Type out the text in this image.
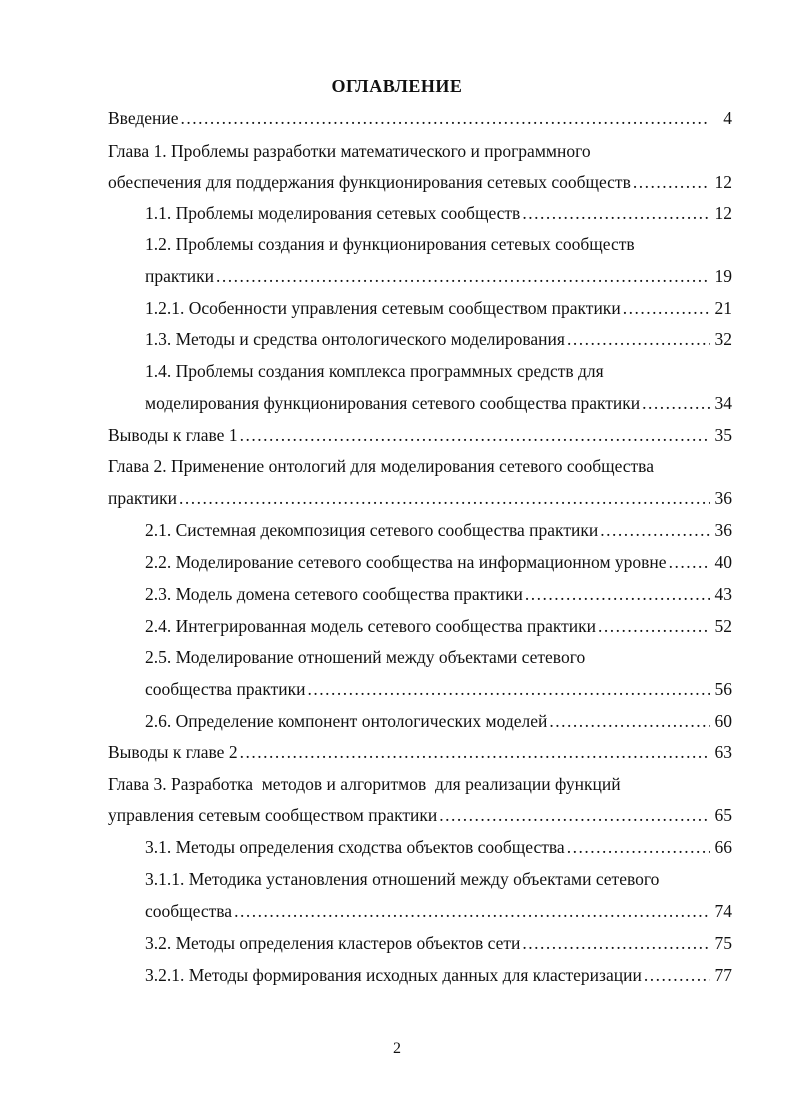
ОГЛАВЛЕНИЕ
Введение .....	4
Глава 1. Проблемы разработки математического и программного
обеспечения для поддержания функционирования сетевых сообществ .....	12
1.1. Проблемы моделирования сетевых сообществ .....	12
1.2. Проблемы создания и функционирования сетевых сообществ
практики .....	19
1.2.1. Особенности управления сетевым сообществом практики .....	21
1.3. Методы и средства онтологического моделирования .....	32
1.4. Проблемы создания комплекса программных средств для
моделирования функционирования сетевого сообщества практики .....	34
Выводы к главе 1 .....	35
Глава 2. Применение онтологий для моделирования сетевого сообщества
практики .....	36
2.1. Системная декомпозиция сетевого сообщества практики .....	36
2.2. Моделирование сетевого сообщества на информационном уровне .....	40
2.3. Модель домена сетевого сообщества практики .....	43
2.4. Интегрированная модель сетевого сообщества практики .....	52
2.5. Моделирование отношений между объектами сетевого
сообщества практики .....	56
2.6. Определение компонент онтологических моделей .....	60
Выводы к главе 2 .....	63
Глава 3. Разработка  методов и алгоритмов  для реализации функций
управления сетевым сообществом практики .....	65
3.1. Методы определения сходства объектов сообщества .....	66
3.1.1. Методика установления отношений между объектами сетевого
сообщества .....	74
3.2. Методы определения кластеров объектов сети .....	75
3.2.1. Методы формирования исходных данных для кластеризации .....	77
2
